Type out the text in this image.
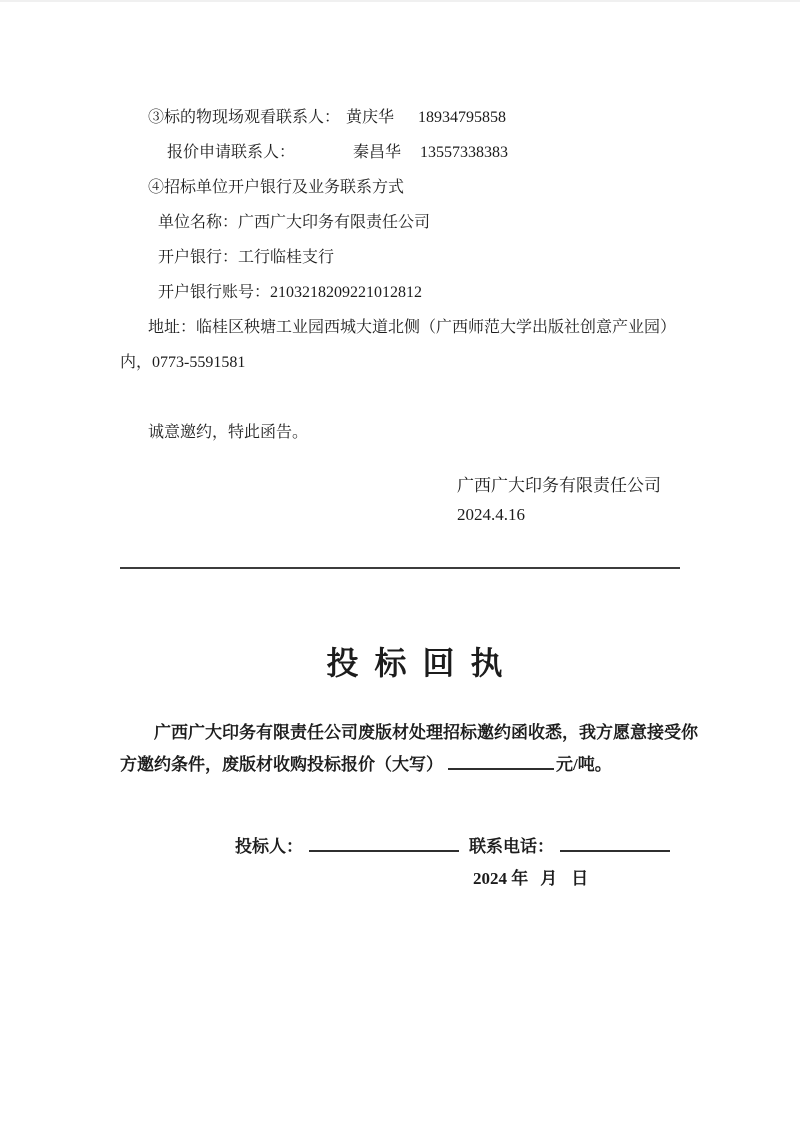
③标的物现场观看联系人： 黄庆华 18934795858
报价申请联系人：	秦昌华 13557338383
④招标单位开户银行及业务联系方式
单位名称：广西广大印务有限责任公司
开户银行：工行临桂支行
开户银行账号：2103218209221012812
地址：临桂区秧塘工业园西城大道北侧（广西师范大学出版社创意产业园）
内，0773-5591581
诚意邀约，特此函告。
广西广大印务有限责任公司
2024.4.16
投 标 回 执
广西广大印务有限责任公司废版材处理招标邀约函收悉，我方愿意接受你
方邀约条件，废版材收购投标报价（大写）	元/吨。
投标人：	联系电话：
2024 年 月 日
